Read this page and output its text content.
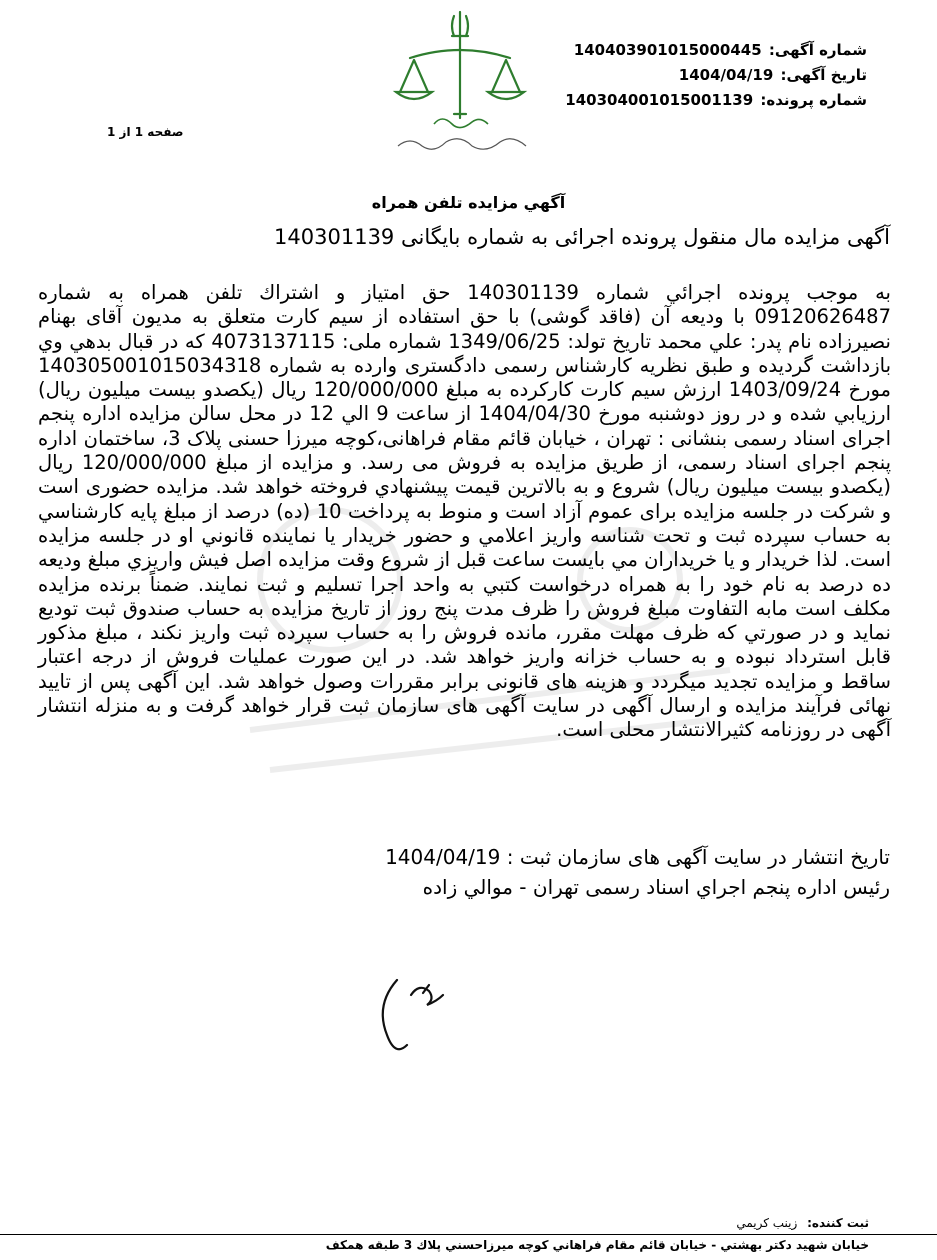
شماره آگهی: 140403901015000445
تاریخ آگهی: 1404/04/19
شماره پرونده: 140304001015001139
صفحه 1 از 1
آگهي مزايده تلفن همراه
آگهی مزایده مال منقول پرونده اجرائی به شماره بایگانی 140301139
به موجب پرونده اجرائي شماره 140301139 حق امتياز و اشتراك تلفن همراه به شماره 09120626487 با وديعه آن (فاقد گوشی) با حق استفاده از سیم کارت متعلق به مديون آقاى بهنام نصيرزاده نام پدر: علي محمد تاريخ تولد: 1349/06/25 شماره ملی: 4073137115 که در قبال بدهي وي بازداشت گرديده و طبق نظريه كارشناس رسمی دادگستری وارده به شماره 140305001015034318 مورخ 1403/09/24 ارزش سیم کارت کارکرده به مبلغ 120/000/000 ريال (یکصدو بیست میلیون ريال) ارزيابي شده و در روز دوشنبه مورخ 1404/04/30 از ساعت 9 الي 12 در محل سالن مزايده اداره پنجم اجرای اسناد رسمی بنشانی : تهران ، خیابان قائم مقام فراهانی،کوچه میرزا حسنی پلاک 3، ساختمان اداره پنجم اجرای اسناد رسمی، از طریق مزایده به فروش می رسد. و مزایده از مبلغ 120/000/000 ريال (یکصدو بیست میلیون ريال) شروع و به بالاترين قيمت پيشنهادي فروخته خواهد شد. مزايده حضوری است و شرکت در جلسه مزایده برای عموم آزاد است و منوط به پرداخت 10 (ده) درصد از مبلغ پايه كارشناسي به حساب سپرده ثبت و تحت شناسه واريز اعلامي و حضور خريدار يا نماينده قانوني او در جلسه مزايده است. لذا خريدار و يا خريداران مي بايست ساعت قبل از شروع وقت مزايده اصل فيش واريزي مبلغ وديعه ده درصد به نام خود را به همراه درخواست كتبي به واحد اجرا تسليم و ثبت نمايند. ضمناً برنده مزايده مكلف است مابه التفاوت مبلغ فروش را ظرف مدت پنج روز از تاريخ مزايده به حساب صندوق ثبت توديع نمايد و در صورتي كه ظرف مهلت مقرر، مانده فروش را به حساب سپرده ثبت واريز نكند ، مبلغ مذكور قابل استرداد نبوده و به حساب خزانه واريز خواهد شد. در اين صورت عمليات فروش از درجه اعتبار ساقط و مزايده تجديد ميگردد و هزینه های قانونی برابر مقررات وصول خواهد شد. این آگهی پس از تایید نهائی فرآیند مزایده و ارسال آگهی در سایت آگهی های سازمان ثبت قرار خواهد گرفت و به منزله انتشار آگهی در روزنامه کثیرالانتشار محلی است.
تاریخ انتشار در سایت آگهی های سازمان ثبت : 1404/04/19
رئیس اداره پنجم اجراي اسناد رسمی تهران - موالي زاده
ثبت کننده: زينب كريمي
خيابان شهيد دكتر بهشتي - خيابان قائم مقام فراهاني كوچه ميرزاحسني پلاك 3 طبقه همكف
